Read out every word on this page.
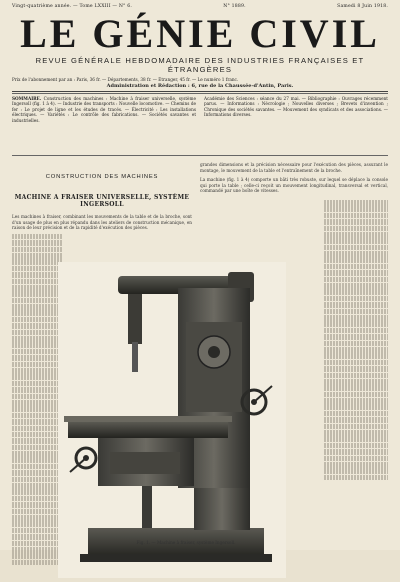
Vingt-quatrième année. — Tome LXXIII — N° 6.	N° 1889.	Samedi 8 Juin 1918.
LE GÉNIE CIVIL
REVUE GÉNÉRALE HEBDOMADAIRE DES INDUSTRIES FRANÇAISES ET ÉTRANGÈRES
Prix de l'abonnement par an : Paris, 36 fr. — Départements, 38 fr. — Étranger, 45 fr. — Le numéro 1 franc.
Administration et Rédaction : 6, rue de la Chaussée-d'Antin, Paris.
SOMMAIRE. Construction des machines : Machine à fraiser universelle, système Ingersoll (fig. 1 à 4). — Industrie des transports : Nouvelle locomotive. — Chemins de fer : Le projet de ligne et les études de tracés. — Électricité : Les installations électriques. — Variétés : Le contrôle des fabrications. — Sociétés savantes et industrielles.
Académie des Sciences : séance du 27 mai. — Bibliographie : Ouvrages récemment parus. — Informations : Nécrologie ; Nouvelles diverses ; Brevets d'invention ; Chronique des sociétés savantes. — Mouvement des syndicats et des associations. — Informations diverses.
CONSTRUCTION DES MACHINES
MACHINE A FRAISER UNIVERSELLE, SYSTÈME INGERSOLL
Les machines à fraiser, combinant les mouvements de la table et de la broche, sont d'un usage de plus en plus répandu dans les ateliers de construction mécanique, en raison de leur précision et de la rapidité d'exécution des pièces.
grandes dimensions et la précision nécessaire pour l'exécution des pièces, assurant le montage, le mouvement de la table et l'entraînement de la broche.
La machine (fig. 1 à 4) comporte un bâti très robuste, sur lequel se déplace la console qui porte la table ; celle-ci reçoit un mouvement longitudinal, transversal et vertical, commandé par une boîte de vitesses.
Fig. 1. — Machine à fraiser, système Ingersoll.
